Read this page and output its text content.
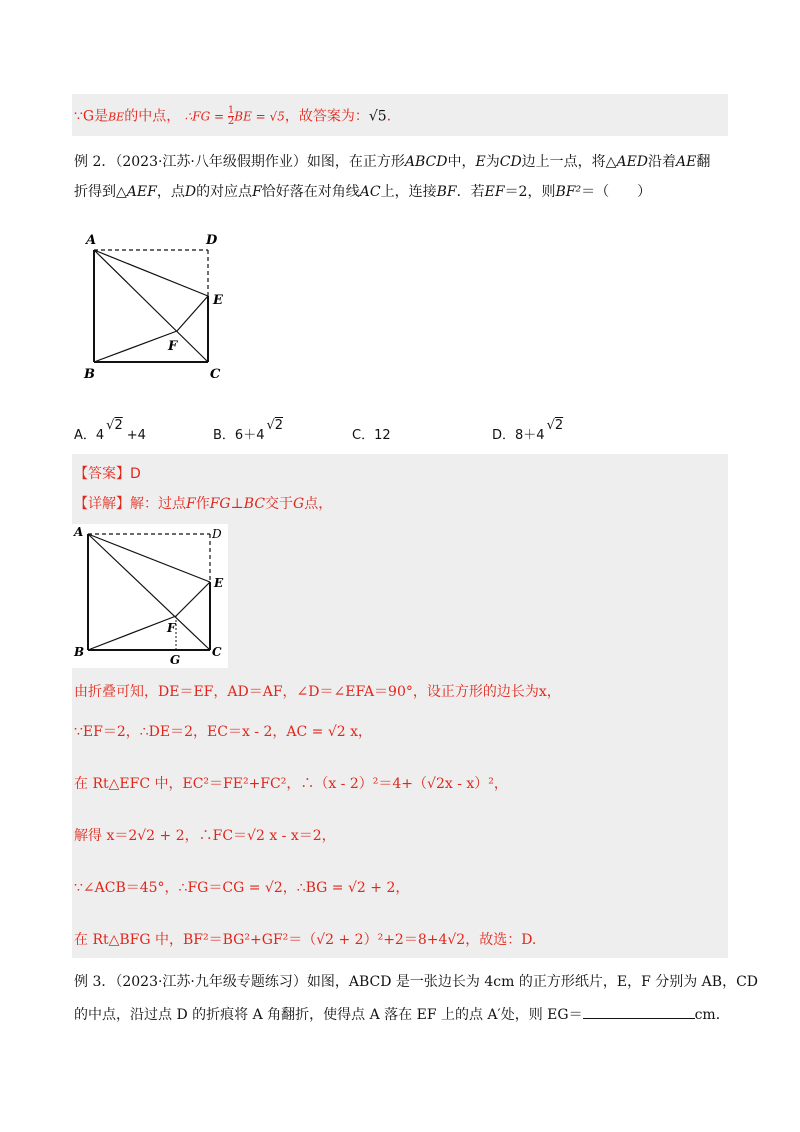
∵G是BE的中点， ∴FG = $\frac{1}{2}$ BE = √5，故答案为：√5.
例 2．（2023·江苏·八年级假期作业）如图，在正方形ABCD中，E为CD边上一点，将△AED沿着AE翻
折得到△AEF，点D的对应点F恰好落在对角线AC上，连接BF．若EF＝2，则BF²＝（　　）
A	D
E
F
B	C
A．4√2+4	B．6＋4√2
C．12	D．8＋4√2
【答案】D
【详解】解：过点F作FG⊥BC交于G点，
A	D
E
F
B
G
C
由折叠可知，DE＝EF，AD＝AF，∠D＝∠EFA＝90°，设正方形的边长为x，
∵EF＝2，∴DE＝2，EC＝x - 2，AC = √2 x，
在 Rt△EFC 中，EC²＝FE²+FC²，∴（x - 2）²＝4+（√2x - x）²，
解得 x＝2√2 + 2，∴FC＝√2 x - x＝2，
∵∠ACB＝45°，∴FG＝CG = √2，∴BG = √2 + 2，
在 Rt△BFG 中，BF²＝BG²+GF²＝（√2 + 2）²+2＝8+4√2，故选：D.
例 3．（2023·江苏·九年级专题练习）如图，ABCD 是一张边长为 4cm 的正方形纸片，E，F 分别为 AB，CD
的中点，沿过点 D 的折痕将 A 角翻折，使得点 A 落在 EF 上的点 A′处，则 EG＝	cm．
